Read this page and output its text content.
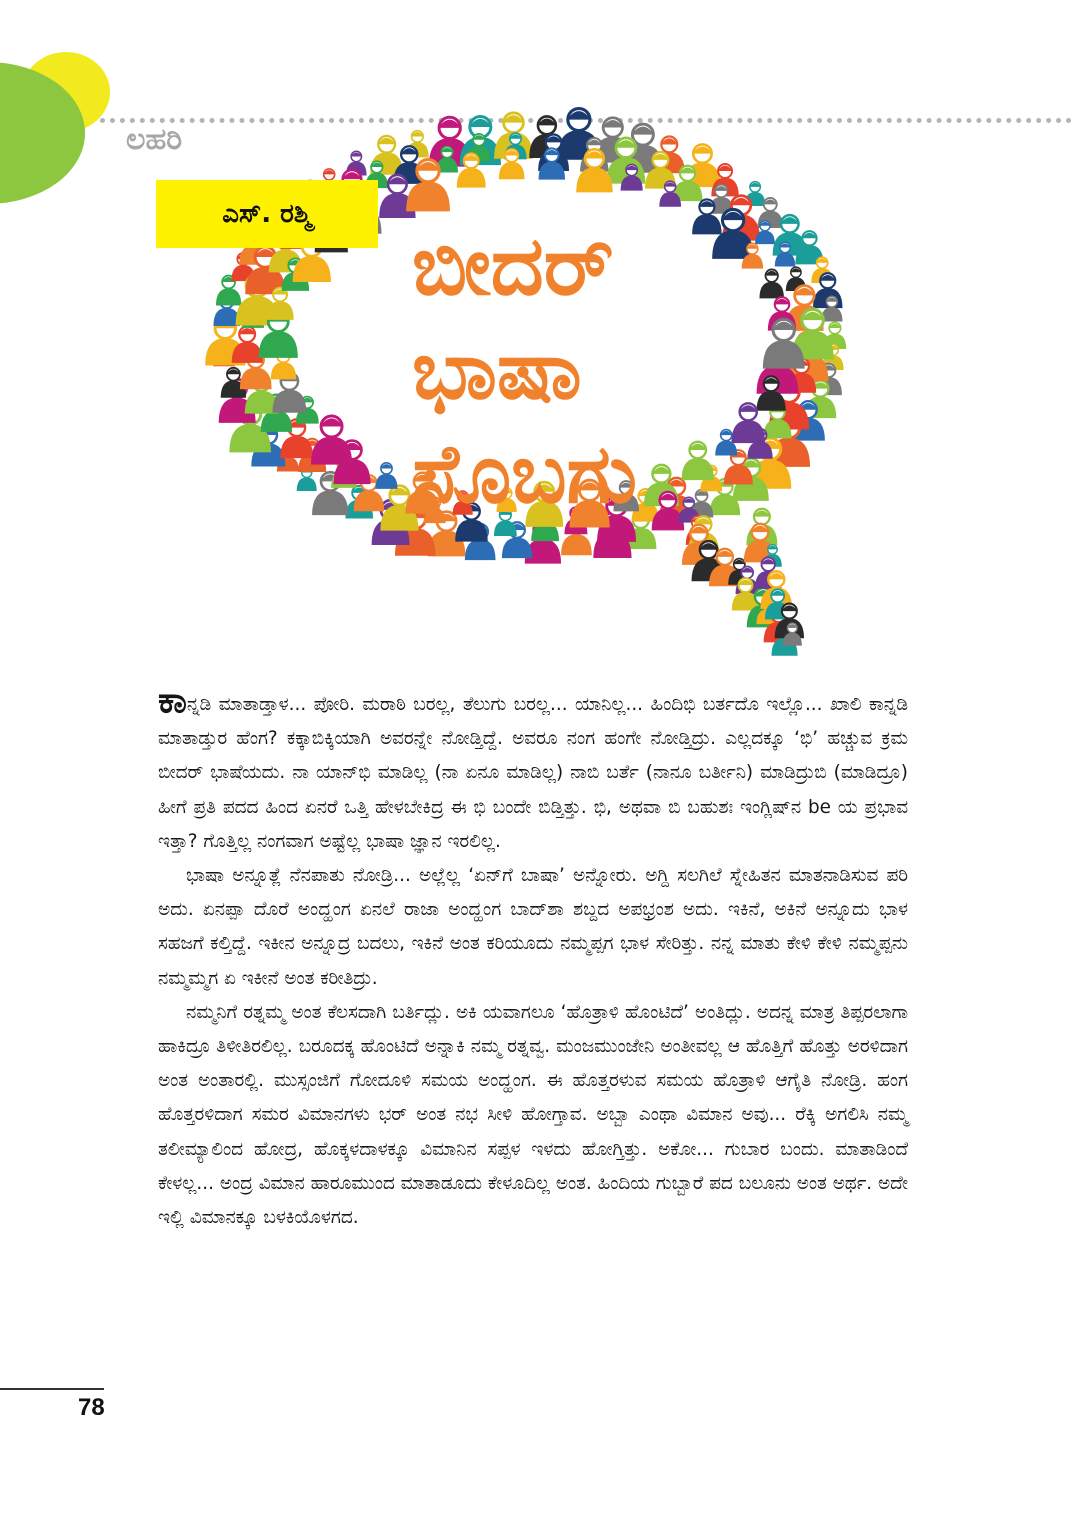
ಲಹರಿ
ಎಸ್. ರಶ್ಮಿ
ಬೀದರ್
ಭಾಷಾ
ಸೊಬಗು

ಕಾನ್ನಡಿ ಮಾತಾಡ್ತಾಳ... ಪೋರಿ. ಮರಾಠಿ ಬರಲ್ಲ, ತೆಲುಗು ಬರಲ್ಲ... ಯಾನಿಲ್ಲ... ಹಿಂದಿಭಿ ಬರ್ತದೊ ಇಲ್ಲೊ... ಖಾಲಿ ಕಾನ್ನಡಿ ಮಾತಾಡ್ತುರ ಹೆಂಗ? ಕಕ್ಕಾಬಿಕ್ಕಿಯಾಗಿ ಅವರನ್ನೇ ನೋಡ್ತಿದ್ದೆ. ಅವರೂ ನಂಗ ಹಂಗೇ ನೋಡ್ತಿದ್ರು. ಎಲ್ಲದಕ್ಕೂ ‘ಭಿ’ ಹಚ್ಚುವ ಕ್ರಮ ಬೀದರ್ ಭಾಷೆಯದು. ನಾ ಯಾನ್‌ಭಿ ಮಾಡಿಲ್ಲ (ನಾ ಏನೂ ಮಾಡಿಲ್ಲ) ನಾಬಿ ಬರ್ತೆ (ನಾನೂ ಬರ್ತೀನಿ) ಮಾಡಿದ್ರುಬಿ (ಮಾಡಿದ್ರೂ) ಹೀಗೆ ಪ್ರತಿ ಪದದ ಹಿಂದ ಏನರೆ ಒತ್ತಿ ಹೇಳಬೇಕಿದ್ರ ಈ ಭಿ ಬಂದೇ ಬಿಡ್ತಿತ್ತು. ಭಿ, ಅಥವಾ ಬಿ ಬಹುಶಃ ಇಂಗ್ಲಿಷ್‌ನ be ಯ ಪ್ರಭಾವ ಇತ್ತಾ? ಗೊತ್ತಿಲ್ಲ ನಂಗವಾಗ ಅಷ್ಟೆಲ್ಲ ಭಾಷಾ ಜ್ಞಾನ ಇರಲಿಲ್ಲ.

ಭಾಷಾ ಅನ್ನೂತ್ಲೆ ನೆನಪಾತು ನೋಡ್ರಿ... ಅಲ್ಲೆಲ್ಲ ‘ಏನ್‌ಗೆ ಬಾಷಾ’ ಅನ್ನೋರು. ಅಗ್ದಿ ಸಲಗಿಲೆ ಸ್ನೇಹಿತನ ಮಾತನಾಡಿಸುವ ಪರಿ ಅದು. ಏನಪ್ಪಾ ದೊರೆ ಅಂದ್ಹಂಗ ಏನಲೆ ರಾಜಾ ಅಂದ್ಹಂಗ ಬಾದ್‌ಶಾ ಶಬ್ದದ ಅಪಭ್ರಂಶ ಅದು. ಇಕಿನೆ, ಅಕಿನೆ ಅನ್ನೂದು ಭಾಳ ಸಹಜಗೆ ಕಲ್ತಿದ್ದೆ. ಇಕೀನ ಅನ್ನೂದ್ರ ಬದಲು, ಇಕಿನೆ ಅಂತ ಕರಿಯೂದು ನಮ್ಮಪ್ಪಗ ಭಾಳ ಸೇರಿತ್ತು. ನನ್ನ ಮಾತು ಕೇಳಿ ಕೇಳಿ ನಮ್ಮಪ್ಪನು ನಮ್ಮಮ್ಮಗ ಏ ಇಕೀನೆ ಅಂತ ಕರೀತಿದ್ರು.

ನಮ್ಮನಿಗೆ ರತ್ನಮ್ಮ ಅಂತ ಕೆಲಸದಾಗಿ ಬರ್ತಿದ್ಲು. ಅಕಿ ಯವಾಗಲೂ ‘ಹೊತ್ರಾಳಿ ಹೊಂಟಿದೆ’ ಅಂತಿದ್ಲು. ಅದನ್ನ ಮಾತ್ರ ತಿಪ್ಪರಲಾಗಾ ಹಾಕಿದ್ರೂ ತಿಳೀತಿರಲಿಲ್ಲ. ಬರೂದಕ್ಕ ಹೊಂಟಿದೆ ಅನ್ನಾಕಿ ನಮ್ಮ ರತ್ನವ್ವ. ಮಂಜಮುಂಜೇನಿ ಅಂತೀವಲ್ಲ ಆ ಹೊತ್ತಿಗೆ ಹೊತ್ತು ಅರಳಿದಾಗ ಅಂತ ಅಂತಾರಲ್ಲಿ. ಮುಸ್ಸಂಜಿಗೆ ಗೋದೂಳಿ ಸಮಯ ಅಂದ್ಹಂಗ. ಈ ಹೊತ್ತರಳುವ ಸಮಯ ಹೊತ್ರಾಳಿ ಆಗೈತಿ ನೋಡ್ರಿ. ಹಂಗ ಹೊತ್ತರಳಿದಾಗ ಸಮರ ವಿಮಾನಗಳು ಭರ್ ಅಂತ ನಭ ಸೀಳಿ ಹೋಗ್ತಾವ. ಅಬ್ಬಾ ಎಂಥಾ ವಿಮಾನ ಅವು... ರೆಕ್ಕಿ ಅಗಲಿಸಿ ನಮ್ಮ ತಲೀಮ್ಯಾಲಿಂದ ಹೋದ್ರ, ಹೊಕ್ಕಳದಾಳಕ್ಕೂ ವಿಮಾನಿನ ಸಪ್ಪಳ ಇಳದು ಹೋಗ್ತಿತ್ತು. ಅಕೋ... ಗುಬಾರ ಬಂದು. ಮಾತಾಡಿಂದೆ ಕೇಳಲ್ಲ... ಅಂದ್ರ ವಿಮಾನ ಹಾರೂಮುಂದ ಮಾತಾಡೂದು ಕೇಳೂದಿಲ್ಲ ಅಂತ. ಹಿಂದಿಯ ಗುಬ್ಬಾರೆ ಪದ ಬಲೂನು ಅಂತ ಅರ್ಥ. ಅದೇ ಇಲ್ಲಿ ವಿಮಾನಕ್ಕೂ ಬಳಕಿಯೊಳಗದ.

78
